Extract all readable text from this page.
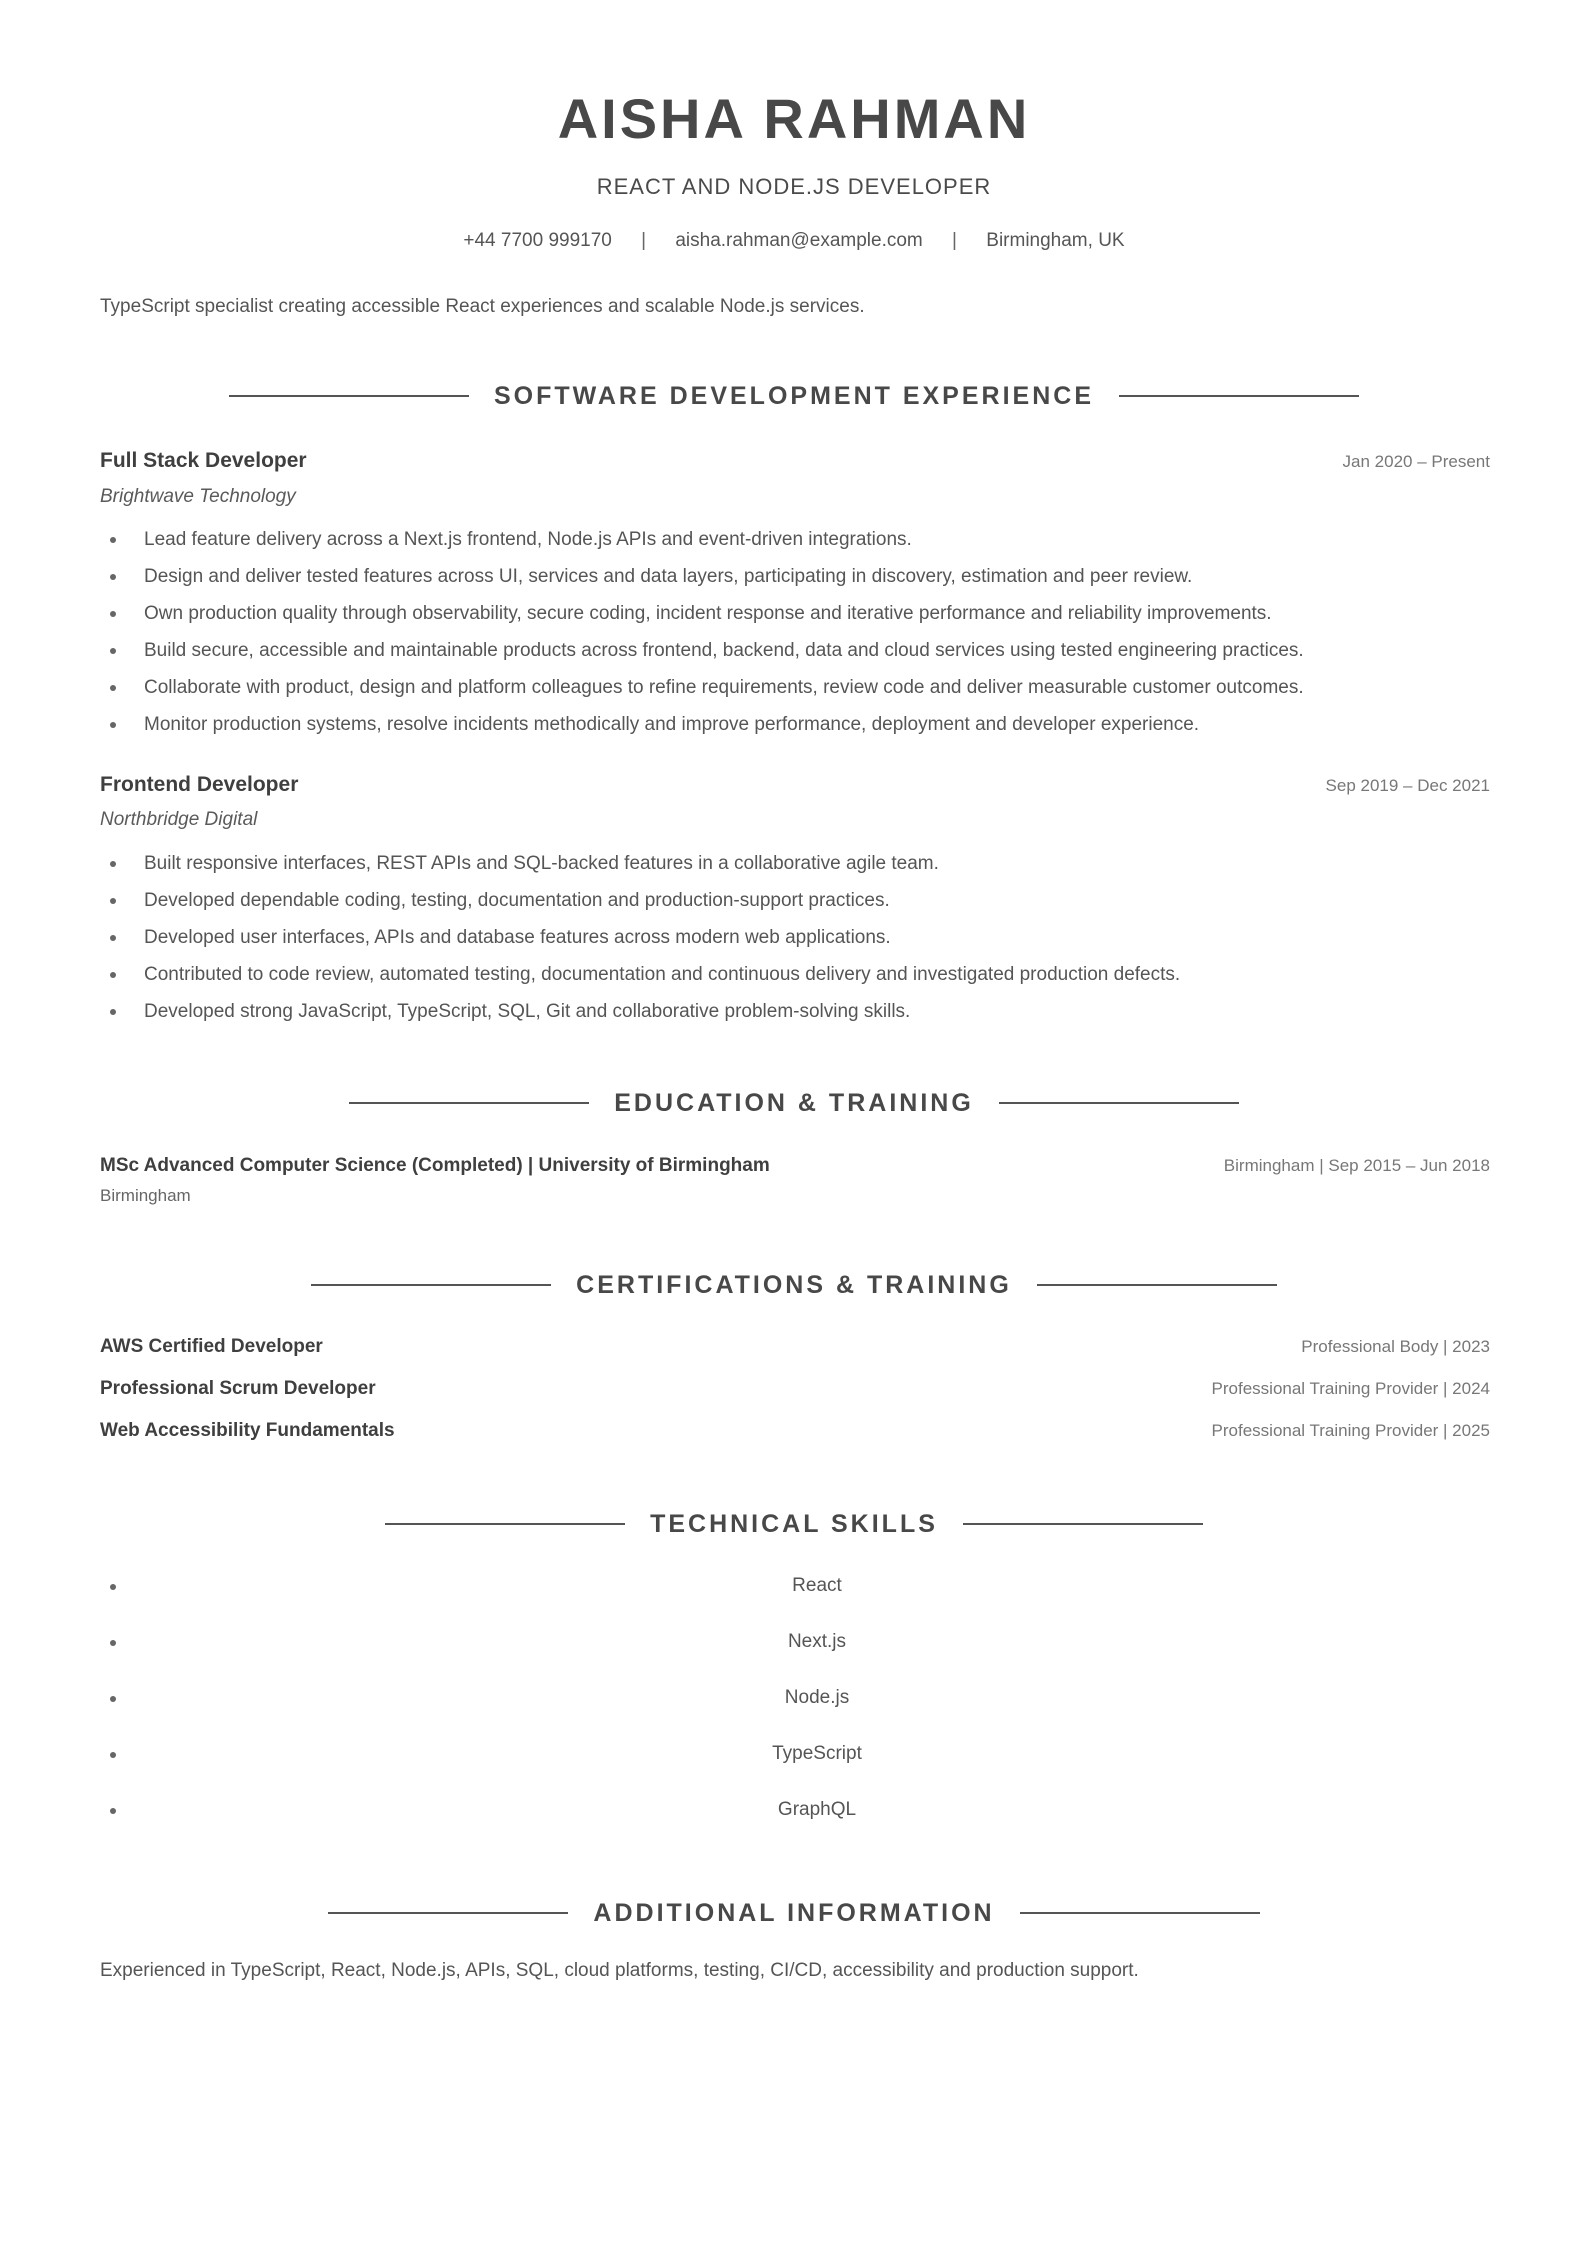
AISHA RAHMAN
REACT AND NODE.JS DEVELOPER
+44 7700 999170 | aisha.rahman@example.com | Birmingham, UK
TypeScript specialist creating accessible React experiences and scalable Node.js services.
SOFTWARE DEVELOPMENT EXPERIENCE
Full Stack Developer	Jan 2020 – Present
Brightwave Technology
Lead feature delivery across a Next.js frontend, Node.js APIs and event-driven integrations.
Design and deliver tested features across UI, services and data layers, participating in discovery, estimation and peer review.
Own production quality through observability, secure coding, incident response and iterative performance and reliability improvements.
Build secure, accessible and maintainable products across frontend, backend, data and cloud services using tested engineering practices.
Collaborate with product, design and platform colleagues to refine requirements, review code and deliver measurable customer outcomes.
Monitor production systems, resolve incidents methodically and improve performance, deployment and developer experience.
Frontend Developer	Sep 2019 – Dec 2021
Northbridge Digital
Built responsive interfaces, REST APIs and SQL-backed features in a collaborative agile team.
Developed dependable coding, testing, documentation and production-support practices.
Developed user interfaces, APIs and database features across modern web applications.
Contributed to code review, automated testing, documentation and continuous delivery and investigated production defects.
Developed strong JavaScript, TypeScript, SQL, Git and collaborative problem-solving skills.
EDUCATION & TRAINING
MSc Advanced Computer Science (Completed) | University of Birmingham	Birmingham | Sep 2015 – Jun 2018
Birmingham
CERTIFICATIONS & TRAINING
AWS Certified Developer	Professional Body | 2023
Professional Scrum Developer	Professional Training Provider | 2024
Web Accessibility Fundamentals	Professional Training Provider | 2025
TECHNICAL SKILLS
React
Next.js
Node.js
TypeScript
GraphQL
ADDITIONAL INFORMATION
Experienced in TypeScript, React, Node.js, APIs, SQL, cloud platforms, testing, CI/CD, accessibility and production support.
